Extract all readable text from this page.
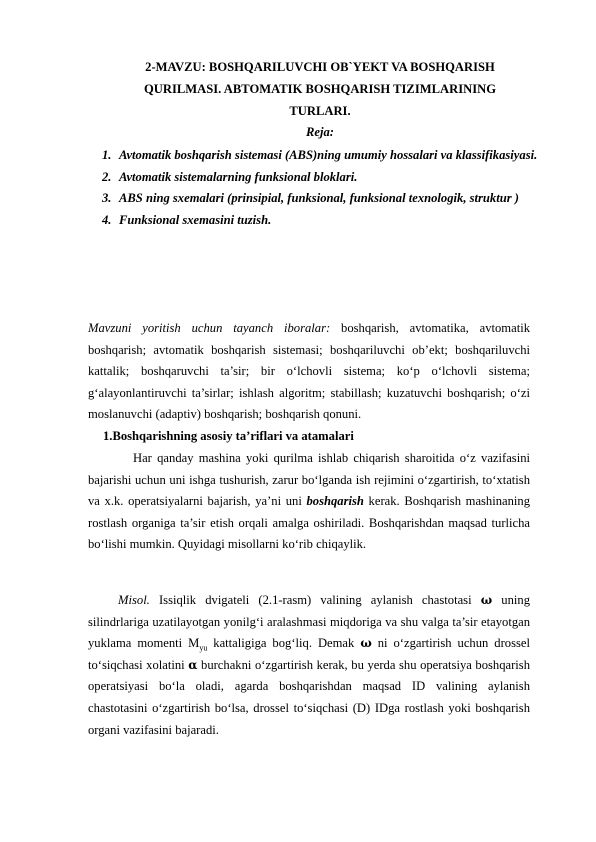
2-MAVZU: BOSHQARILUVCHI OB`YEKT VA BOSHQARISH
QURILMASI. ABTOMATIK BOSHQARISH TIZIMLARINING
TURLARI.
Reja:
1. Avtomatik boshqarish sistemasi (ABS)ning umumiy hossalari va klassifikasiyasi.
2. Avtomatik sistemalarning funksional bloklari.
3. ABS ning sxemalari (prinsipial, funksional, funksional texnologik, struktur )
4. Funksional sxemasini tuzish.
Mavzuni yoritish uchun tayanch iboralar: boshqarish, avtomatika, avtomatik boshqarish; avtomatik boshqarish sistemasi; boshqariluvchi ob’ekt; boshqariluvchi kattalik; boshqaruvchi ta’sir; bir o‘lchovli sistema; ko‘p o‘lchovli sistema; g‘alayonlantiruvchi ta’sirlar; ishlash algoritm; stabillash; kuzatuvchi boshqarish; o‘zi moslanuvchi (adaptiv) boshqarish; boshqarish qonuni.
1.Boshqarishning asosiy ta’riflari va atamalari
Har qanday mashina yoki qurilma ishlab chiqarish sharoitida o‘z vazifasini bajarishi uchun uni ishga tushurish, zarur bo‘lganda ish rejimini o‘zgartirish, to‘xtatish va x.k. operatsiyalarni bajarish, ya’ni uni boshqarish kerak. Boshqarish mashinaning rostlash organiga ta’sir etish orqali amalga oshiriladi. Boshqarishdan maqsad turlicha bo‘lishi mumkin. Quyidagi misollarni ko‘rib chiqaylik.
Misol. Issiqlik dvigateli (2.1-rasm) valining aylanish chastotasi ω uning silindrlariga uzatilayotgan yonilg‘i aralashmasi miqdoriga va shu valga ta’sir etayotgan yuklama momenti $M_{yu}$ kattaligiga bog‘liq. Demak ω ni o‘zgartirish uchun drossel to‘siqchasi xolatini α burchakni o‘zgartirish kerak, bu yerda shu operatsiya boshqarish operatsiyasi bo‘la oladi, agarda boshqarishdan maqsad ID valining aylanish chastotasini o‘zgartirish bo‘lsa, drossel to‘siqchasi (D) IDga rostlash yoki boshqarish organi vazifasini bajaradi.
